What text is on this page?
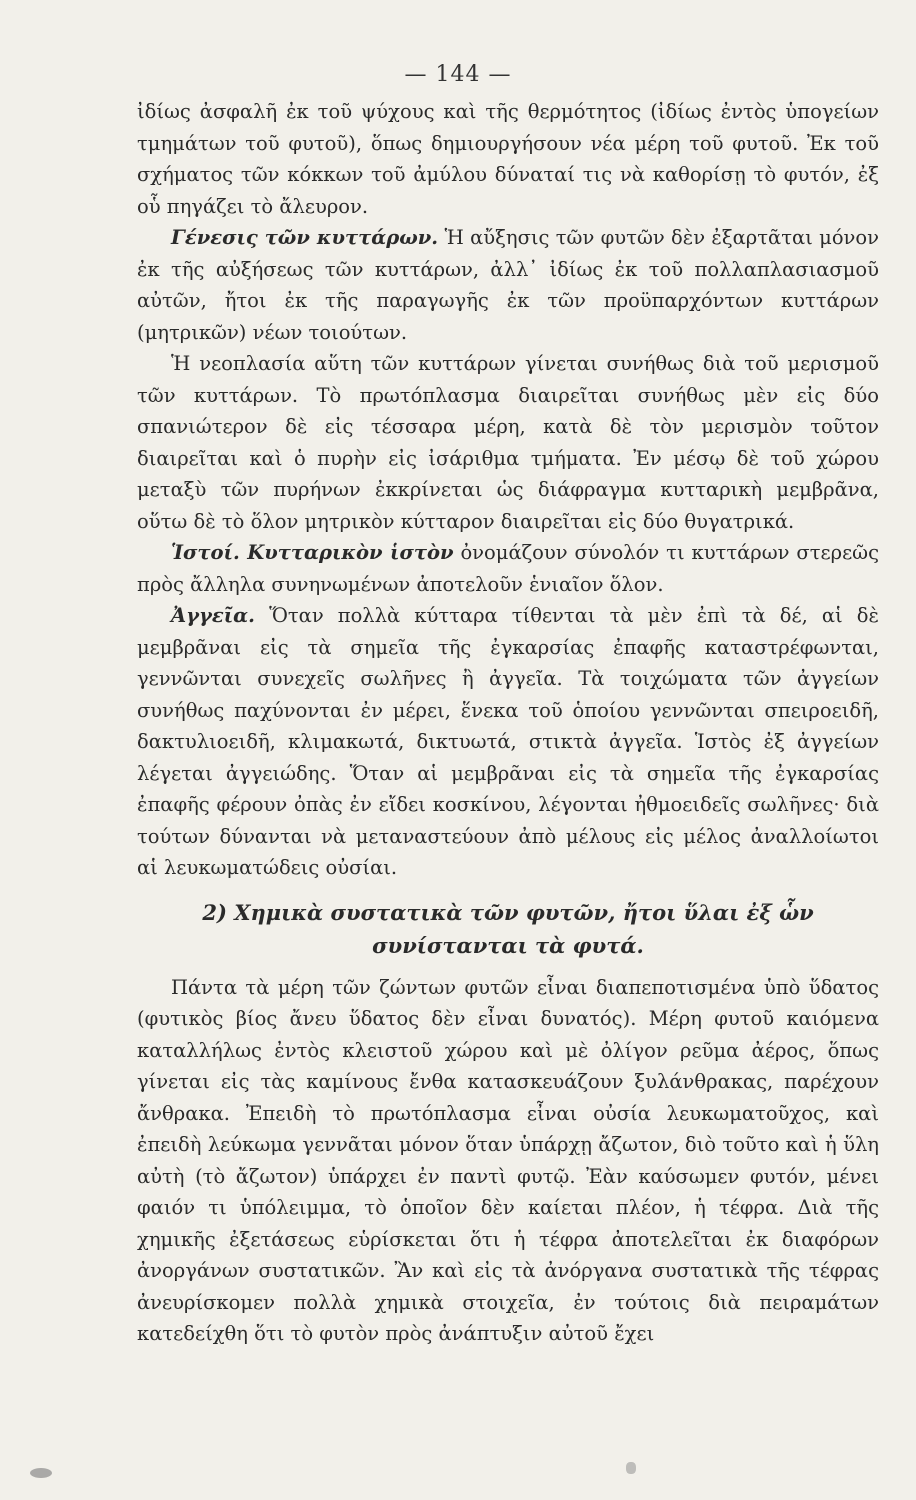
— 144 —

ἰδίως ἀσφαλῆ ἐκ τοῦ ψύχους καὶ τῆς θερμότητος (ἰδίως ἐντὸς ὑπογείων τμημάτων τοῦ φυτοῦ), ὅπως δημιουργήσουν νέα μέρη τοῦ φυτοῦ. Ἐκ τοῦ σχήματος τῶν κόκκων τοῦ ἀμύλου δύναταί τις νὰ καθορίσῃ τὸ φυτόν, ἐξ οὗ πηγάζει τὸ ἄλευρον.

Γένεσις τῶν κυττάρων. Ἡ αὔξησις τῶν φυτῶν δὲν ἐξαρτᾶται μόνον ἐκ τῆς αὐξήσεως τῶν κυττάρων, ἀλλ᾽ ἰδίως ἐκ τοῦ πολλαπλασιασμοῦ αὐτῶν, ἤτοι ἐκ τῆς παραγωγῆς ἐκ τῶν προϋπαρχόντων κυττάρων (μητρικῶν) νέων τοιούτων.

Ἡ νεοπλασία αὕτη τῶν κυττάρων γίνεται συνήθως διὰ τοῦ μερισμοῦ τῶν κυττάρων. Τὸ πρωτόπλασμα διαιρεῖται συνήθως μὲν εἰς δύο σπανιώτερον δὲ εἰς τέσσαρα μέρη, κατὰ δὲ τὸν μερισμὸν τοῦτον διαιρεῖται καὶ ὁ πυρὴν εἰς ἰσάριθμα τμήματα. Ἐν μέσῳ δὲ τοῦ χώρου μεταξὺ τῶν πυρήνων ἐκκρίνεται ὡς διάφραγμα κυτταρικὴ μεμβρᾶνα, οὕτω δὲ τὸ ὅλον μητρικὸν κύτταρον διαιρεῖται εἰς δύο θυγατρικά.

Ἱστοί. Κυτταρικὸν ἱστὸν ὀνομάζουν σύνολόν τι κυττάρων στερεῶς πρὸς ἄλληλα συνηνωμένων ἀποτελοῦν ἑνιαῖον ὅλον.

Ἀγγεῖα. Ὅταν πολλὰ κύτταρα τίθενται τὰ μὲν ἐπὶ τὰ δέ, αἱ δὲ μεμβρᾶναι εἰς τὰ σημεῖα τῆς ἐγκαρσίας ἐπαφῆς καταστρέφωνται, γεννῶνται συνεχεῖς σωλῆνες ἢ ἀγγεῖα. Τὰ τοιχώματα τῶν ἀγγείων συνήθως παχύνονται ἐν μέρει, ἕνεκα τοῦ ὁποίου γεννῶνται σπειροειδῆ, δακτυλιοειδῆ, κλιμακωτά, δικτυωτά, στικτὰ ἀγγεῖα. Ἱστὸς ἐξ ἀγγείων λέγεται ἀγγειώδης. Ὅταν αἱ μεμβρᾶναι εἰς τὰ σημεῖα τῆς ἐγκαρσίας ἐπαφῆς φέρουν ὀπὰς ἐν εἴδει κοσκίνου, λέγονται ἠθμοειδεῖς σωλῆνες· διὰ τούτων δύνανται νὰ μεταναστεύουν ἀπὸ μέλους εἰς μέλος ἀναλλοίωτοι αἱ λευκωματώδεις οὐσίαι.

2) Χημικὰ συστατικὰ τῶν φυτῶν, ἤτοι ὕλαι ἐξ ὧν
συνίστανται τὰ φυτά.

Πάντα τὰ μέρη τῶν ζώντων φυτῶν εἶναι διαπεποτισμένα ὑπὸ ὕδατος (φυτικὸς βίος ἄνευ ὕδατος δὲν εἶναι δυνατός). Μέρη φυτοῦ καιόμενα καταλλήλως ἐντὸς κλειστοῦ χώρου καὶ μὲ ὀλίγον ρεῦμα ἀέρος, ὅπως γίνεται εἰς τὰς καμίνους ἔνθα κατασκευάζουν ξυλάνθρακας, παρέχουν ἄνθρακα. Ἐπειδὴ τὸ πρωτόπλασμα εἶναι οὐσία λευκωματοῦχος, καὶ ἐπειδὴ λεύκωμα γεννᾶται μόνον ὅταν ὑπάρχῃ ἄζωτον, διὸ τοῦτο καὶ ἡ ὕλη αὐτὴ (τὸ ἄζωτον) ὑπάρχει ἐν παντὶ φυτῷ. Ἐὰν καύσωμεν φυτόν, μένει φαιόν τι ὑπόλειμμα, τὸ ὁποῖον δὲν καίεται πλέον, ἡ τέφρα. Διὰ τῆς χημικῆς ἐξετάσεως εὑρίσκεται ὅτι ἡ τέφρα ἀποτελεῖται ἐκ διαφόρων ἀνοργάνων συστατικῶν. Ἂν καὶ εἰς τὰ ἀνόργανα συστατικὰ τῆς τέφρας ἀνευρίσκομεν πολλὰ χημικὰ στοιχεῖα, ἐν τούτοις διὰ πειραμάτων κατεδείχθη ὅτι τὸ φυτὸν πρὸς ἀνάπτυξιν αὐτοῦ ἔχει
